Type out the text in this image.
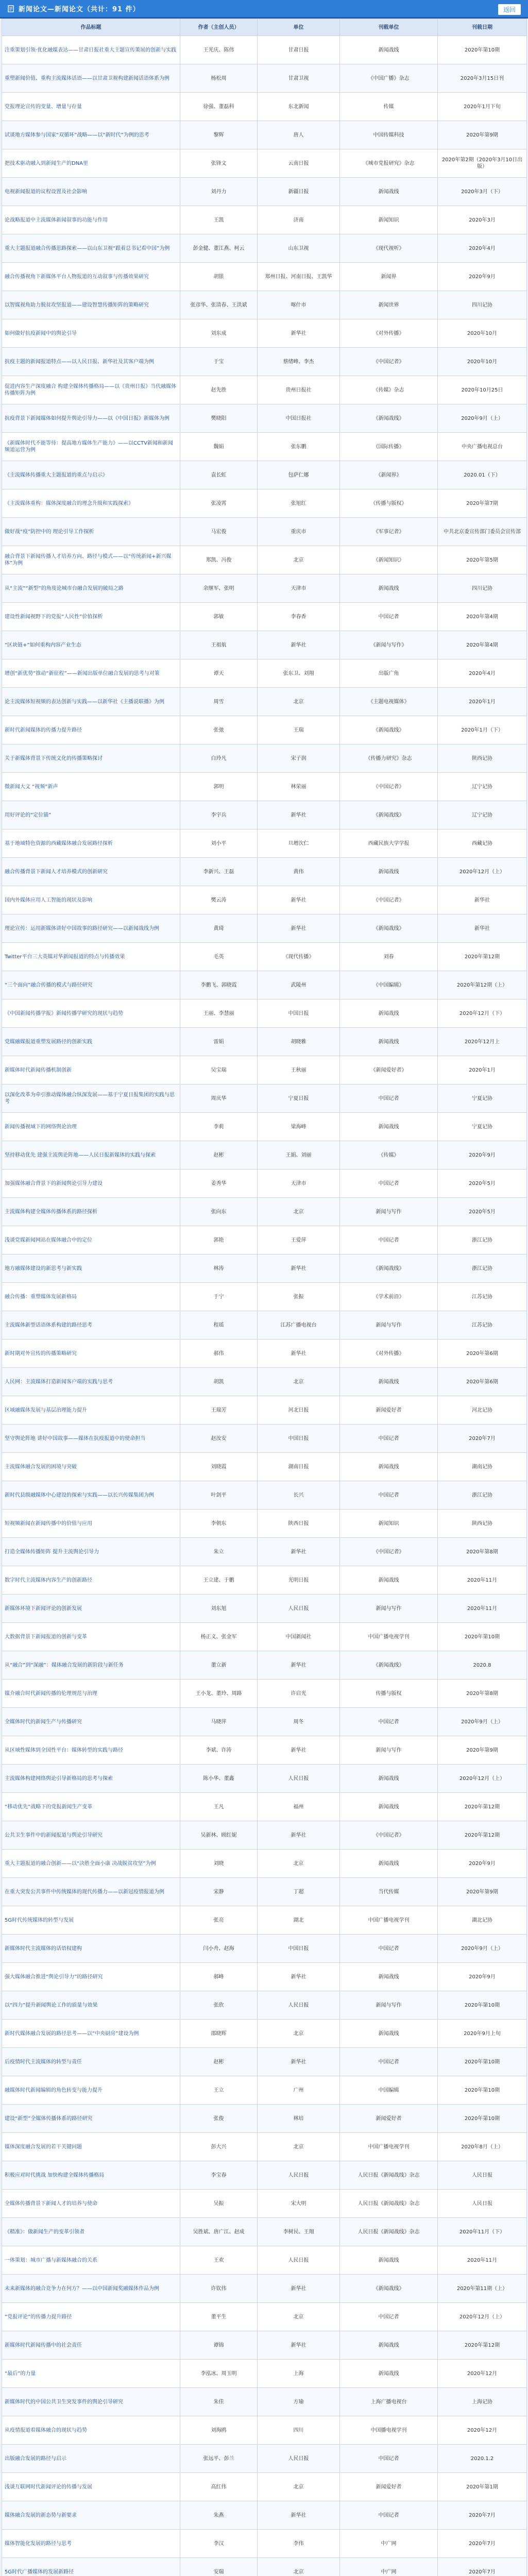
新闻论文—新闻论文（共计：91 件）	返回
作品标题	作者（主创人员）	单位	刊载单位	刊载日期
注重策划引领·优化融媒表达——甘肃日报社重大主题宣传策展的创新与实践	王光庆、陈伟	甘肃日报	新闻战线	2020年第10期
重塑新闻价值、重构主流媒体话语——以甘肃卫视构建新闻话语体系为例	杨松周	甘肃卫视	《中国广播》杂志	2020年3月15日刊
党报理论宣传的变量、增量与存量	徐强、董磊科	东北新闻	传媒	2020年1月下旬
试谈地方媒体参与国家“双循环”战略——以“新时代”为例的思考	黎辉	唐人	中国传媒科技	2020年第9期
把技术驱动融入到新闻生产的DNA里	张锋文	云南日报	《城市党报研究》杂志	2020年第2期（2020年3月10日出版）
电视新闻报道的议程设置及社会影响	刘丹力	新疆日报	新闻战线	2020年3月（下）
论战略报道中主流媒体新闻叙事的功能与作用	王凯	济南	新闻知识	2020年3月
重大主题报道融合传播思路探索——以山东卫视“跟着总书记看中国”为例	彭金健、董江燕、柯云	山东卫视	《现代视听》	2020年4月
融合传播视角下新媒体平台人物报道的互动叙事与传播效果研究	胡银	郑州日报、河南日报、王凯华	新闻界	2020年9月
以智媒视角助力脱贫攻坚报道——建设智慧传播矩阵的策略研究	张彦华、张清春、王洪斌	喀什市	新闻世界	四川记协
如何做好抗疫新闻中的舆论引导	刘东成	新华社	《对外传播》	2020年10月
抗疫主题的新闻报道特点——以人民日报、新华社及其客户端为例	于宝	蔡绪峰、李杰	《中国记者》	2020年10月
促进内容生产深度融合 构建全媒体传播格局——以《贵州日报》当代融媒体传播矩阵为例	赵先胜	贵州日报社	《传媒》杂志	2020年10月25日
抗疫背景下新闻媒体如何提升舆论引导力——以《中国日报》新媒体为例	樊晓阳	中国日报社	《新闻战线》	2020年9月（上）
《新媒体时代不能等待：提高地方媒体生产能力》——以CCTV新闻和新闻频道运营为例	魏娟	张东鹏	《国际传播》	中央广播电视总台
《主流媒体传播重大主题报道的重点与启示》	袁长虹	包萨仁娜	《新闻界》	2020.01（下）
《主流媒体重构：媒体深度融合的理念升级和实践探索》	张凌霄	张旭红	《传播与版权》	2020年第7期
做好战“疫”防控中的 理论引导工作探析	马宏俊	重庆市	《军事记者》	中共北京委宣传部门委员会宣传部
融合背景下新闻传播人才培养方向、路径与模式——以“传统新闻+新兴媒体”为例	郑凯、冯俊	北京	《新闻知识》	2020年第5期
从“主流”“新型”的角度论城市台融合发展的破局之路	余继军、张明	天津市	新闻战线	四川记协
建设性新闻视野下的党报“人民性”价值探析	郭敏	李春香	中国记者	2020年第4期
“区块链+”如何重构内容产业生态	王祖航	新华社	《新闻与写作》	2020年第4期
增创“新优势”推动“新征程”——新闻出版单位融合发展的思考与对策	谭天	张东卫、刘翔	出版广角	2020年4月
论主流媒体短视频的表达创新与实践——以新华社《主播说联播》为例	周雪	北京	《主题电视媒体》	2020年1月
新时代新闻媒体的传播力提升路径	张弛	王瑞	《新闻战线》	2020年1月（下）
关于新媒体背景下传统文化的传播策略探讨	白玲凡	宋子润	《传播力研究》杂志	陕西记协
微新闻大文 “视频”新声	郭明	林荣丽	《中国记者》	辽宁记协
用好评论的“定位锚”	李宇兵	新华社	《新闻战线》	辽宁记协
基于地域特色资源的西藏媒体融合发展路径探析	刘小平	旦增次仁	西藏民族大学学报	西藏记协
融合传播背景下新闻人才培养模式的创新研究	李新兴、王磊	黄伟	新闻战线	2020年12月（上）
国内外媒体应用人工智能的现状及影响	樊云涛	新华社	《中国记者》	新华社
理论宣传：运用新媒体讲好中国故事的路径研究——以新闻战线为例	黄琦	新华社	《新闻战线》	新华社
Twitter平台三大英媒对华新闻报道的特点与传播效果	毛英	《现代传播》	刘春	2020年第12期
“三个面向”融合传播的模式与路径研究	李鹏飞、郭晓霞	武陵州	《中国编辑》	2020年第12期（上）
《中国新闻传播学报》新闻传播学研究的现状与趋势	王丽、李慧丽	中国日报	新闻战线	2020年12月（下）
党媒融媒报道重塑发展路径的创新实践	雷娟	胡晓雅	新闻战线	2020年12月上
新媒体时代新闻传播机制创新	吴宝瑞	王秋丽	《新闻爱好者》	2020年1月
以深化改革为牵引推动媒体融合纵深发展——基于宁夏日报集团的实践与思考	周庆华	宁夏日报	中国记者	宁夏记协
新闻传播视域下的网络舆论治理	李莉	梁海峰	新闻战线	宁夏记协
坚持移动优先 建强主流舆论阵地——人民日报新媒体的实践与探索	赵彬	王娟、刘丽	《传媒》	2020年9月
加强媒体融合背景下的新闻舆论引导力建设	姜秀华	天津市	中国记者	2020年5月
主流媒体构建全媒体传播体系的路径探析	张向东	北京	新闻与写作	2020年5月
浅谈党媒新闻网站在媒体融合中的定位	郭艳	王爱萍	中国记者	浙江记协
地方融媒体建设的新思考与新实践	林涛	新华社	《新闻战线》	浙江记协
融合传播：重塑媒体发展新格局	于宁	张振	《学术前沿》	江苏记协
主流媒体新型话语体系构建的路径思考	程瑶	江苏广播电视台	新闻与写作	江苏记协
新时期对外宣传的传播策略研究	郝伟	新华社	《对外传播》	2020年第6期
人民网：主流媒体打造新闻客户端的实践与思考	胡凯	北京	新闻战线	2020年第6期
区域融媒体发展与基层治理能力提升	王瑞芳	河北日报	新闻爱好者	河北记协
坚守舆论阵地 讲好中国故事——媒体在抗疫报道中的使命担当	赵汝安	中国日报	中国记者	2020年7月
主流媒体融合发展的困境与突破	刘晓霞	湖南日报	新闻战线	湖南记协
新时代县级融媒体中心建设的探索与实践——以长兴传媒集团为例	叶剑平	长兴	中国记者	浙江记协
短视频新闻在新闻传播中的价值与应用	李朝东	陕西日报	新闻知识	陕西记协
打造全媒体传播矩阵 提升主流舆论引导力	朱立	新华社	《中国记者》	2020年第8期
数字时代主流媒体内容生产的创新路径	王立建、于鹏	光明日报	新闻战线	2020年11月
新媒体环境下新闻评论的创新发展	刘东旭	人民日报	新闻与写作	2020年11月
大数据背景下新闻报道的创新与变革	杨正义、张金军	中国新闻社	中国广播电视学刊	2020年第10期
从“融合”到“深融”：媒体融合发展的新阶段与新任务	董立新	新华社	《新闻战线》	2020.8
媒介融合时代新闻传播的伦理规范与治理	王小龙、董玲、周路	许启光	传播与版权	2020年第8期
全媒体时代的新闻生产与传播研究	马晓萍	周冬	中国记者	2020年9月（上）
从区域性媒体到全国性平台：媒体转型的实践与路径	李斌、许涛	新华社	新闻与写作	2020年第9期
主流媒体构建网络舆论引导新格局的思考与探索	陈小华、董鑫	人民日报	新闻战线	2020年12月（上）
“移动优先”战略下的党报新闻生产变革	王凡	福州	新闻战线	2020年第12期
公共卫生事件中的新闻报道与舆论引导研究	吴新林、顾红妮	新华社	《中国记者》	2020年第12期
重大主题报道的融合创新——以“决胜全面小康 决战脱贫攻坚”为例	刘晓	北京	新闻战线	2020年9月
在重大突发公共事件中传统媒体的现代传播力——以新冠疫情报道为例	宋静	丁超	当代传媒	2020年第9期
5G时代传统媒体的转型与发展	张亮	湖北	中国广播电视学刊	湖北记协
新媒体时代主流媒体的话语权建构	闫小舟、赵海	中国日报	中国记者	2020年9月（上）
强大媒体融合推进“舆论引导力”的路径研究	郝峰	新华社	新闻战线	2020年9月
以“四力”提升新闻舆论工作的质量与效果	张欣	人民日报	新闻与写作	2020年第10期
新时代媒体融合发展的路径思考——以“中央厨房”建设为例	邵晓辉	北京	新闻战线	2020年9月上旬
后疫情时代主流媒体的转型与责任	赵彬	新华社	中国记者	2020年第10期
融媒体时代新闻编辑的角色转变与能力提升	王立	广州	中国编辑	2020年第10期
建设“新型”全媒体传播体系的路径研究	张俊	林培	新闻爱好者	2020年第10期
媒体深度融合发展的若干关键问题	彭大兴	北京	中国广播电视学刊	2020年8月（上）
积极应对时代挑战 加快构建全媒体传播格局	李宝春	人民日报	人民日报《新闻战线》杂志	人民日报
全媒体传播背景下新闻人才的培养与使命	吴振	宋大明	人民日报《新闻战线》杂志	人民日报
《精准》：做新闻生产的变革引领者	吴胜斌、唐广江、赵成	李树民、王翔	人民日报《新闻战线》杂志	2020年11月（下）
一体策划：城市广播与新媒体融合的关系	王欢	人民日报	新闻战线	2020年11月
未来新媒体的融合竞争力在何方？——以中国新闻奖融媒体作品为例	许钦伟	新华社	《新闻战线》	2020年第11期（上）
“党报评论”的传播力提升路径	董平生	北京	中国记者	2020年12月（上）
新媒体时代新闻传播中的社会责任	谭锦	新华社	新闻战线	2020年第12期
“最后”的力量	李泓冰、周玉明	上海	新闻战线	2020年12月
新媒体时代的中国公共卫生突发事件的舆论引导研究	朱佳	方瑜	上海广播电视台	上海记协
从疫情报道看媒体融合的现状与趋势	刘海鸥	四川	中国播电视学刊	2020年12月
出版融合发展的路径与启示	张远平、彭兰	人民日报	中国记者	2020.1.2
浅谈互联网时代新闻评论的传播与发展	高红伟	北京	新闻爱好者	2020年第1期
媒体融合发展的新态势与新要求	朱燕	新华社	中国记者	2020年7月
媒体智能化发展的路径与思考	李汉	李伟	中广网	2020年7月
5G时代广播媒体的发展新路径	安瑞	北京	中广网	2020年7月
